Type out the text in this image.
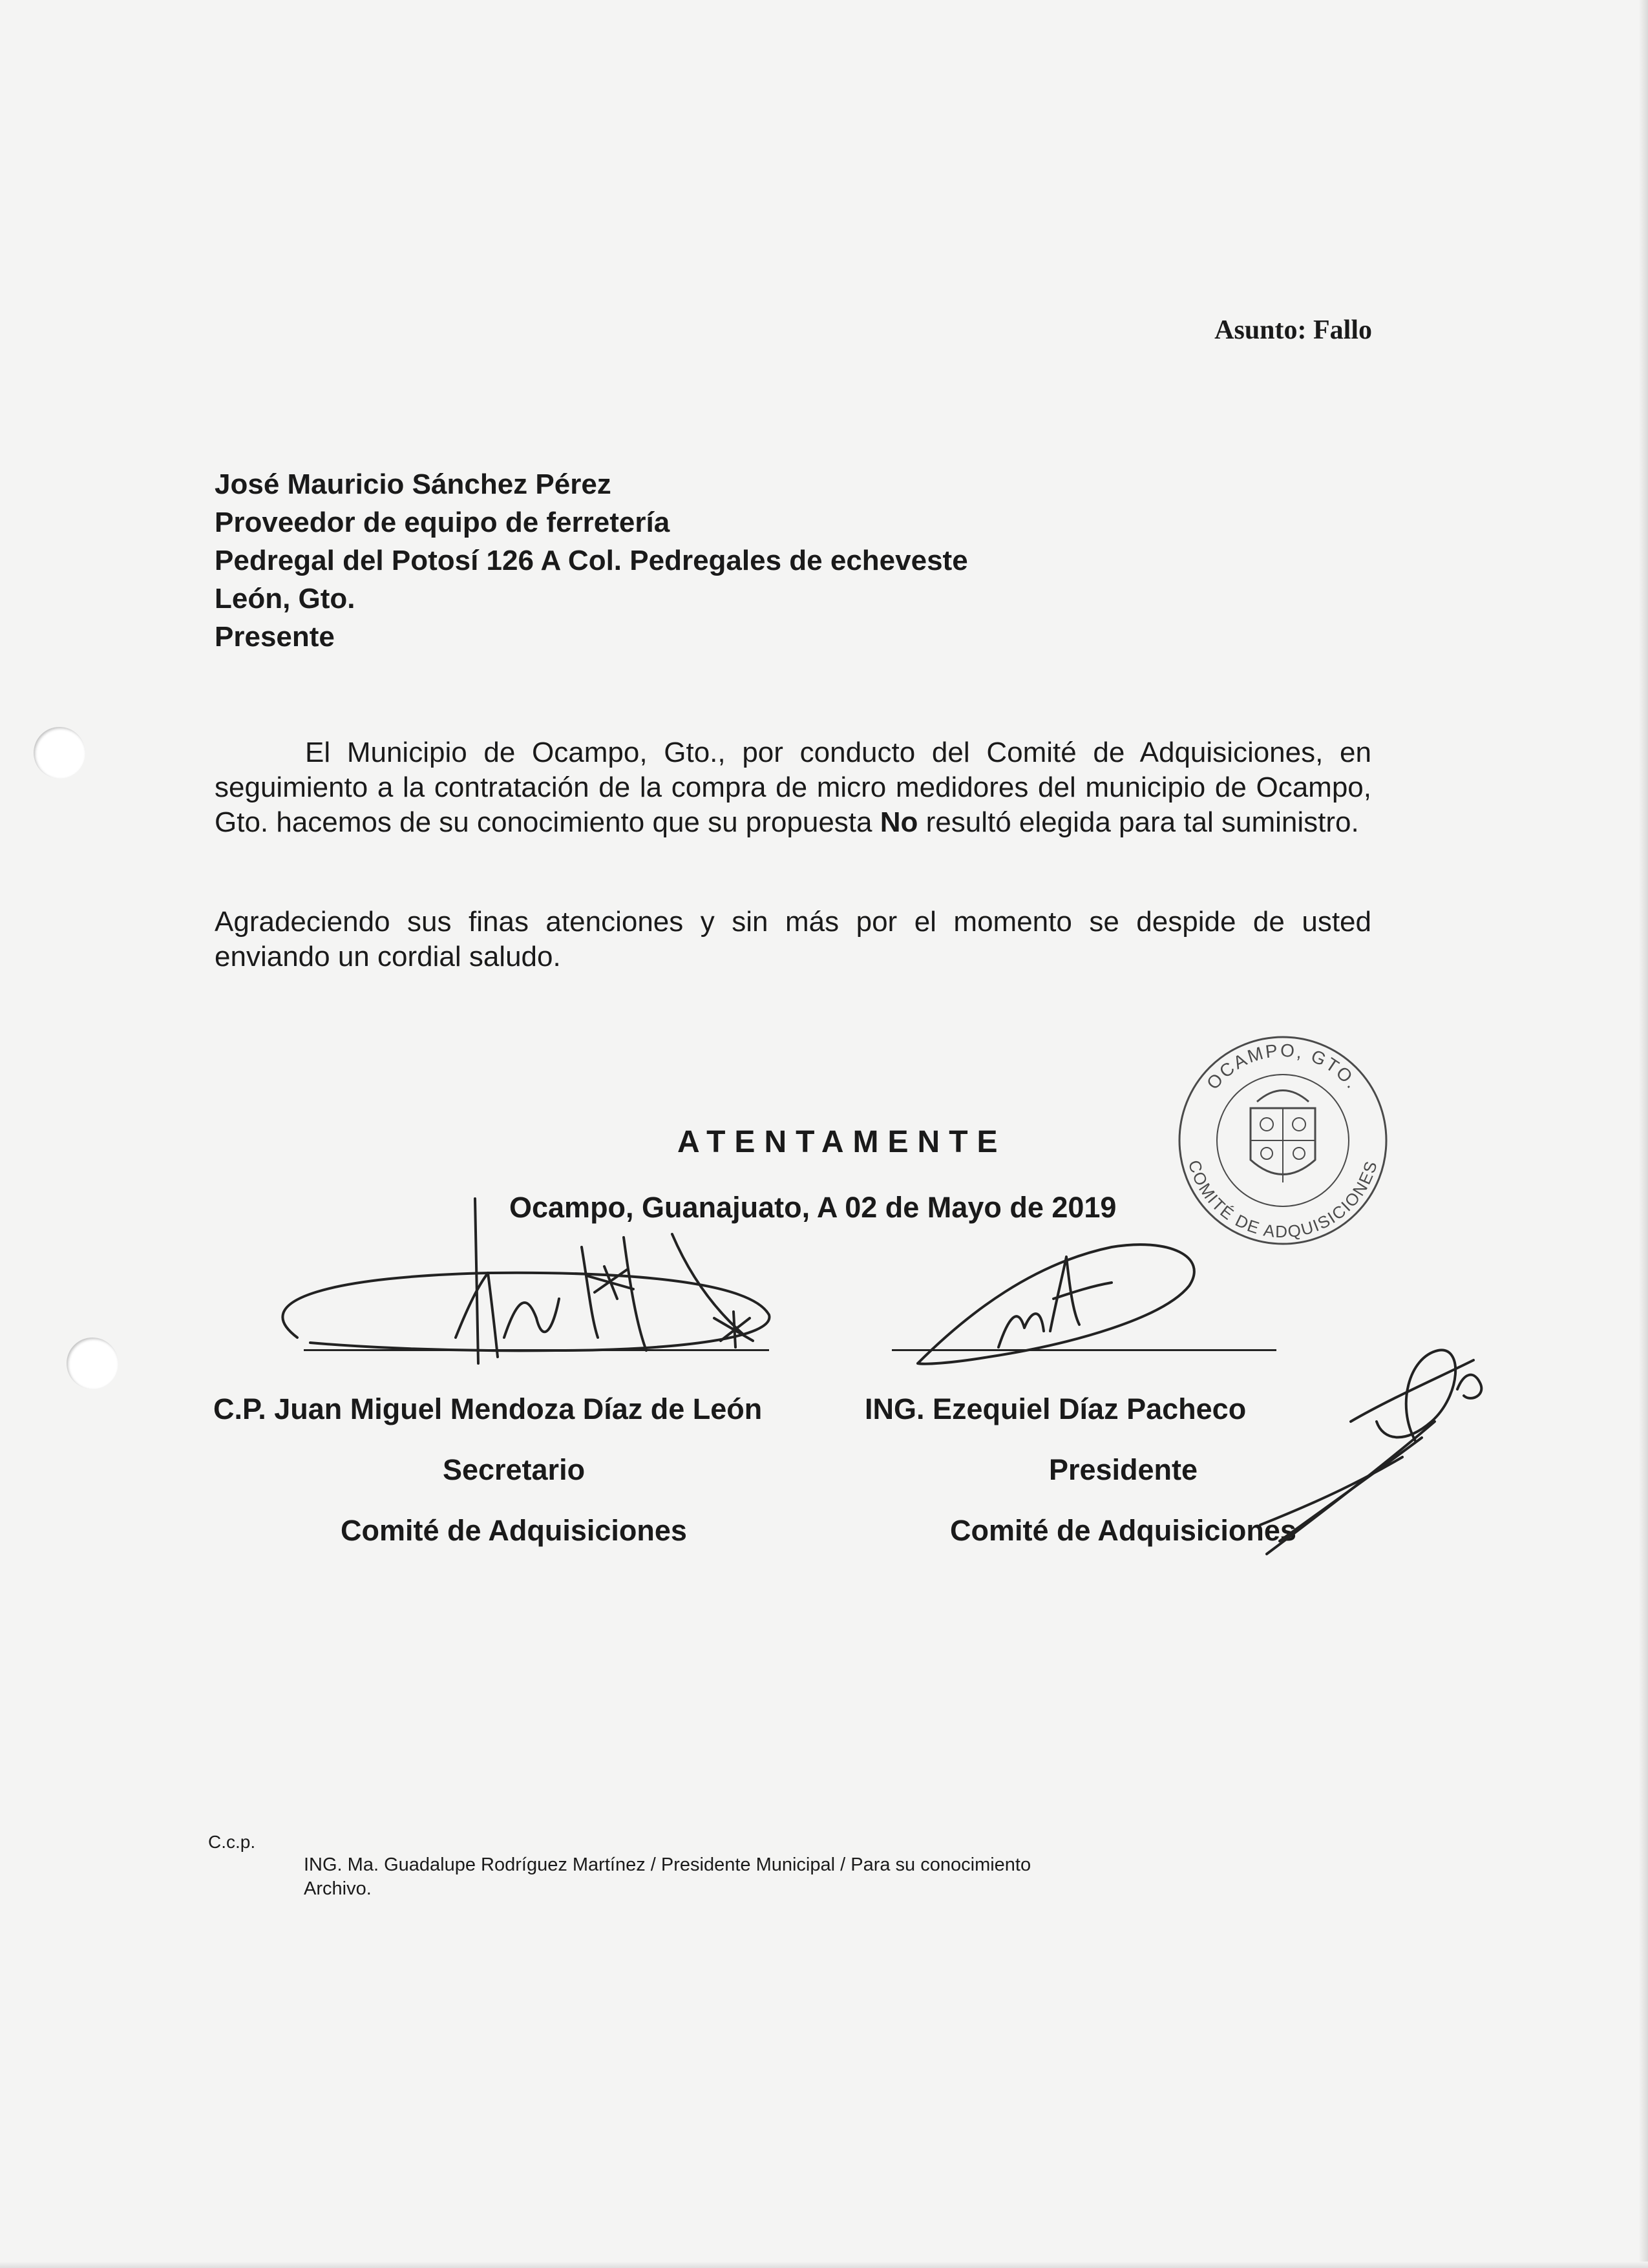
Asunto: Fallo
José Mauricio Sánchez Pérez
Proveedor de equipo de ferretería
Pedregal del Potosí 126 A Col. Pedregales de echeveste
León, Gto.
Presente
El Municipio de Ocampo, Gto., por conducto del Comité de Adquisiciones, en seguimiento a la contratación de la compra de micro medidores del municipio de Ocampo, Gto. hacemos de su conocimiento que su propuesta No resultó elegida para tal suministro.
Agradeciendo sus finas atenciones y sin más por el momento se despide de usted enviando un cordial saludo.
ATENTAMENTE
Ocampo, Guanajuato, A 02 de Mayo de 2019
C.P. Juan Miguel Mendoza Díaz de León
Secretario
Comité de Adquisiciones
ING. Ezequiel Díaz Pacheco
Presidente
Comité de Adquisiciones
OCAMPO, GTO.
COMITÉ DE ADQUISICIONES
C.c.p.
ING. Ma. Guadalupe Rodríguez Martínez / Presidente Municipal / Para su conocimiento
Archivo.
